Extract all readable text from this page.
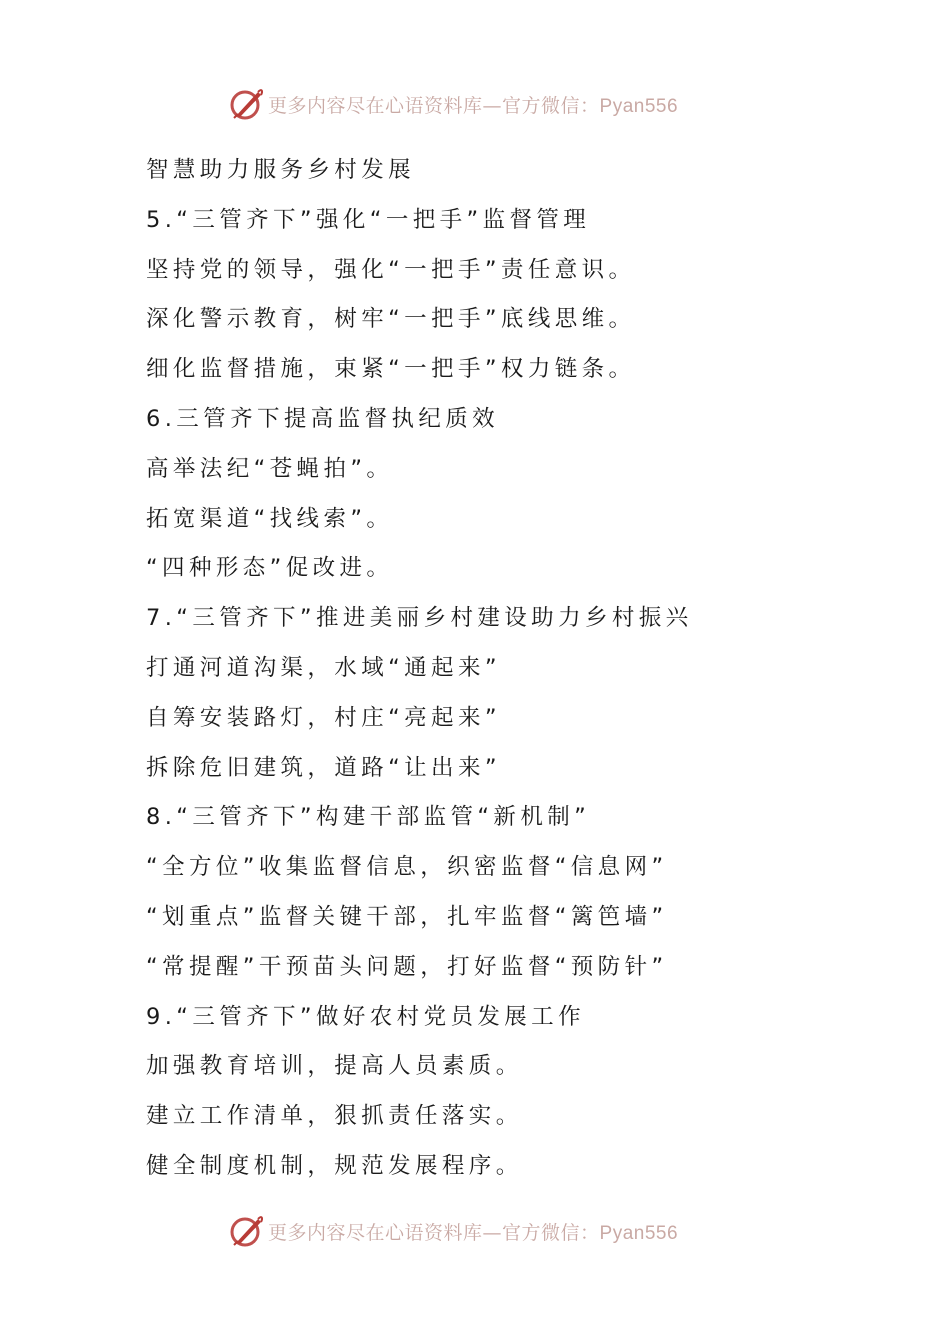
更多内容尽在心语资料库—官方微信：Pyan556
智慧助力服务乡村发展
5.“三管齐下”强化“一把手”监督管理
坚持党的领导，强化“一把手”责任意识。
深化警示教育，树牢“一把手”底线思维。
细化监督措施，束紧“一把手”权力链条。
6.三管齐下提高监督执纪质效
高举法纪“苍蝇拍”。
拓宽渠道“找线索”。
“四种形态”促改进。
7.“三管齐下”推进美丽乡村建设助力乡村振兴
打通河道沟渠，水域“通起来”
自筹安装路灯，村庄“亮起来”
拆除危旧建筑，道路“让出来”
8.“三管齐下”构建干部监管“新机制”
“全方位”收集监督信息，织密监督“信息网”
“划重点”监督关键干部，扎牢监督“篱笆墙”
“常提醒”干预苗头问题，打好监督“预防针”
9.“三管齐下”做好农村党员发展工作
加强教育培训，提高人员素质。
建立工作清单，狠抓责任落实。
健全制度机制，规范发展程序。
更多内容尽在心语资料库—官方微信：Pyan556
